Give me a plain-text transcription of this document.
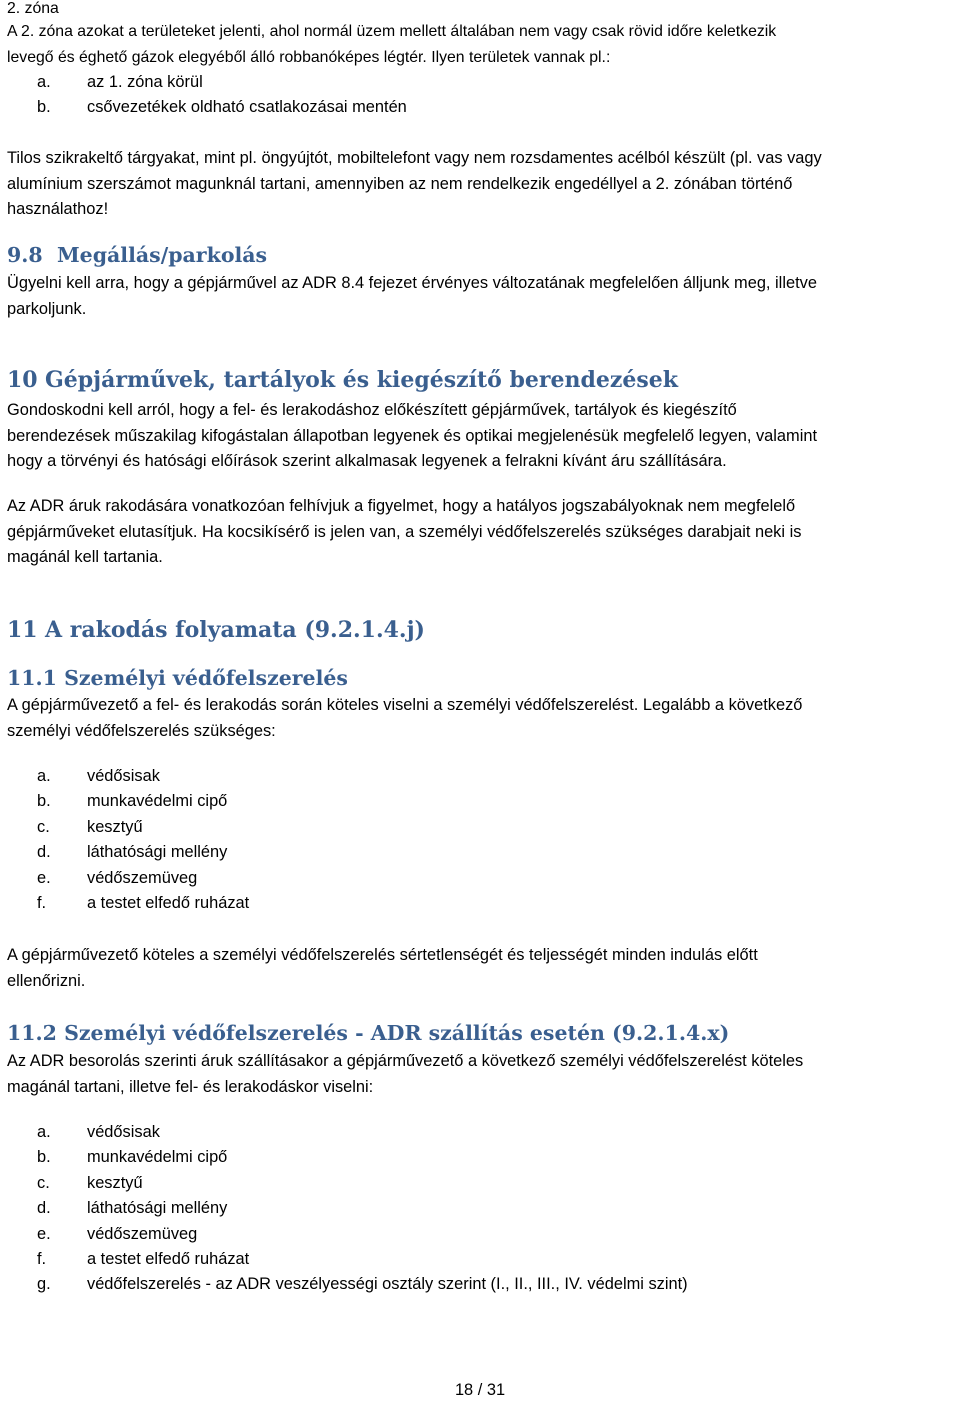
2. zóna
A 2. zóna azokat a területeket jelenti, ahol normál üzem mellett általában nem vagy csak rövid időre keletkezik
levegő és éghető gázok elegyéből álló robbanóképes légtér. Ilyen területek vannak pl.:
a. az 1. zóna körül
b. csővezetékek oldható csatlakozásai mentén
Tilos szikrakeltő tárgyakat, mint pl. öngyújtót, mobiltelefont vagy nem rozsdamentes acélból készült (pl. vas vagy
alumínium szerszámot magunknál tartani, amennyiben az nem rendelkezik engedéllyel a 2. zónában történő
használathoz!
9.8 Megállás/parkolás
Ügyelni kell arra, hogy a gépjárművel az ADR 8.4 fejezet érvényes változatának megfelelően álljunk meg, illetve
parkoljunk.
10 Gépjárművek, tartályok és kiegészítő berendezések
Gondoskodni kell arról, hogy a fel- és lerakodáshoz előkészített gépjárművek, tartályok és kiegészítő
berendezések műszakilag kifogástalan állapotban legyenek és optikai megjelenésük megfelelő legyen, valamint
hogy a törvényi és hatósági előírások szerint alkalmasak legyenek a felrakni kívánt áru szállítására.
Az ADR áruk rakodására vonatkozóan felhívjuk a figyelmet, hogy a hatályos jogszabályoknak nem megfelelő
gépjárműveket elutasítjuk. Ha kocsikísérő is jelen van, a személyi védőfelszerelés szükséges darabjait neki is
magánál kell tartania.
11 A rakodás folyamata (9.2.1.4.j)
11.1 Személyi védőfelszerelés
A gépjárművezető a fel- és lerakodás során köteles viselni a személyi védőfelszerelést. Legalább a következő
személyi védőfelszerelés szükséges:
a. védősisak
b. munkavédelmi cipő
c. kesztyű
d. láthatósági mellény
e. védőszemüveg
f. a testet elfedő ruházat
A gépjárművezető köteles a személyi védőfelszerelés sértetlenségét és teljességét minden indulás előtt
ellenőrizni.
11.2 Személyi védőfelszerelés - ADR szállítás esetén (9.2.1.4.x)
Az ADR besorolás szerinti áruk szállításakor a gépjárművezető a következő személyi védőfelszerelést köteles
magánál tartani, illetve fel- és lerakodáskor viselni:
a. védősisak
b. munkavédelmi cipő
c. kesztyű
d. láthatósági mellény
e. védőszemüveg
f. a testet elfedő ruházat
g. védőfelszerelés - az ADR veszélyességi osztály szerint (I., II., III., IV. védelmi szint)
18 / 31
